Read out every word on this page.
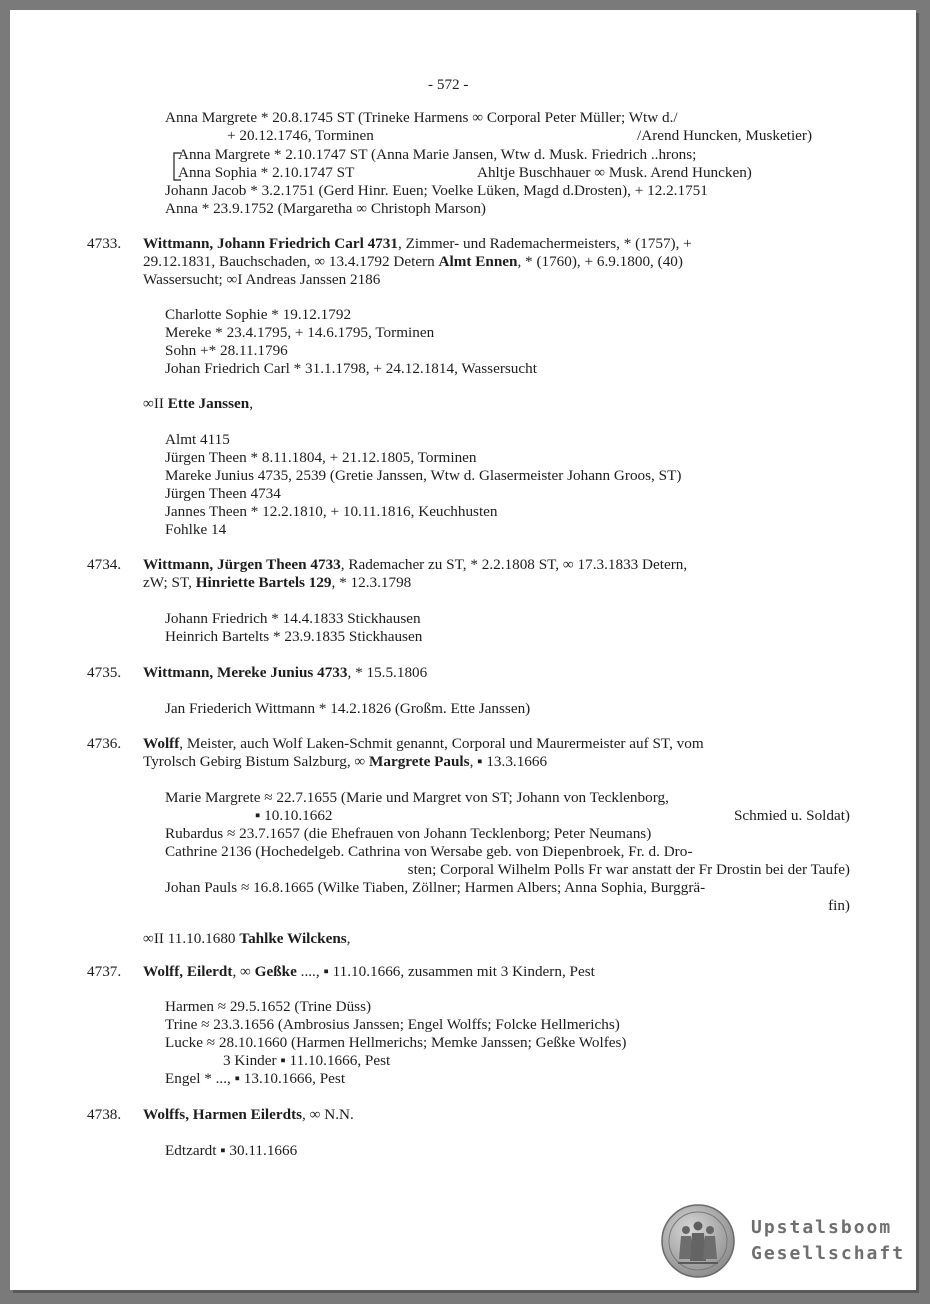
- 572 -
Anna Margrete * 20.8.1745 ST (Trineke Harmens ∞ Corporal Peter Müller; Wtw d./
+ 20.12.1746, Torminen	/Arend Huncken, Musketier)
Anna Margrete * 2.10.1747 ST (Anna Marie Jansen, Wtw d. Musk. Friedrich ..hrons;
Anna Sophia * 2.10.1747 ST	Ahltje Buschhauer ∞ Musk. Arend Huncken)
Johann Jacob * 3.2.1751 (Gerd Hinr. Euen; Voelke Lüken, Magd d.Drosten), + 12.2.1751
Anna * 23.9.1752 (Margaretha ∞ Christoph Marson)
4733. Wittmann, Johann Friedrich Carl 4731, Zimmer- und Rademachermeisters, * (1757), +
29.12.1831, Bauchschaden, ∞ 13.4.1792 Detern Almt Ennen, * (1760), + 6.9.1800, (40)
Wassersucht; ∞I Andreas Janssen 2186
Charlotte Sophie * 19.12.1792
Mereke * 23.4.1795, + 14.6.1795, Torminen
Sohn +* 28.11.1796
Johan Friedrich Carl * 31.1.1798, + 24.12.1814, Wassersucht
∞II Ette Janssen,
Almt 4115
Jürgen Theen * 8.11.1804, + 21.12.1805, Torminen
Mareke Junius 4735, 2539 (Gretie Janssen, Wtw d. Glasermeister Johann Groos, ST)
Jürgen Theen 4734
Jannes Theen * 12.2.1810, + 10.11.1816, Keuchhusten
Fohlke 14
4734. Wittmann, Jürgen Theen 4733, Rademacher zu ST, * 2.2.1808 ST, ∞ 17.3.1833 Detern,
zW; ST, Hinriette Bartels 129, * 12.3.1798
Johann Friedrich * 14.4.1833 Stickhausen
Heinrich Bartelts * 23.9.1835 Stickhausen
4735. Wittmann, Mereke Junius 4733, * 15.5.1806
Jan Friederich Wittmann * 14.2.1826 (Großm. Ette Janssen)
4736. Wolff, Meister, auch Wolf Laken-Schmit genannt, Corporal und Maurermeister auf ST, vom
Tyrolsch Gebirg Bistum Salzburg, ∞ Margrete Pauls, ▪ 13.3.1666
Marie Margrete ≈ 22.7.1655 (Marie und Margret von ST; Johann von Tecklenborg,
▪ 10.10.1662	Schmied u. Soldat)
Rubardus ≈ 23.7.1657 (die Ehefrauen von Johann Tecklenborg; Peter Neumans)
Cathrine 2136 (Hochedelgeb. Cathrina von Wersabe geb. von Diepenbroek, Fr. d. Dro-
sten; Corporal Wilhelm Polls Fr war anstatt der Fr Drostin bei der Taufe)
Johan Pauls ≈ 16.8.1665 (Wilke Tiaben, Zöllner; Harmen Albers; Anna Sophia, Burggrä-
fin)
∞II 11.10.1680 Tahlke Wilckens,
4737. Wolff, Eilerdt, ∞ Geßke ...., ▪ 11.10.1666, zusammen mit 3 Kindern, Pest
Harmen ≈ 29.5.1652 (Trine Düss)
Trine ≈ 23.3.1656 (Ambrosius Janssen; Engel Wolffs; Folcke Hellmerichs)
Lucke ≈ 28.10.1660 (Harmen Hellmerichs; Memke Janssen; Geßke Wolfes)
3 Kinder ▪ 11.10.1666, Pest
Engel * ..., ▪ 13.10.1666, Pest
4738. Wolffs, Harmen Eilerdts, ∞ N.N.
Edtzardt ▪ 30.11.1666
Upstalsboom
Gesellschaft
